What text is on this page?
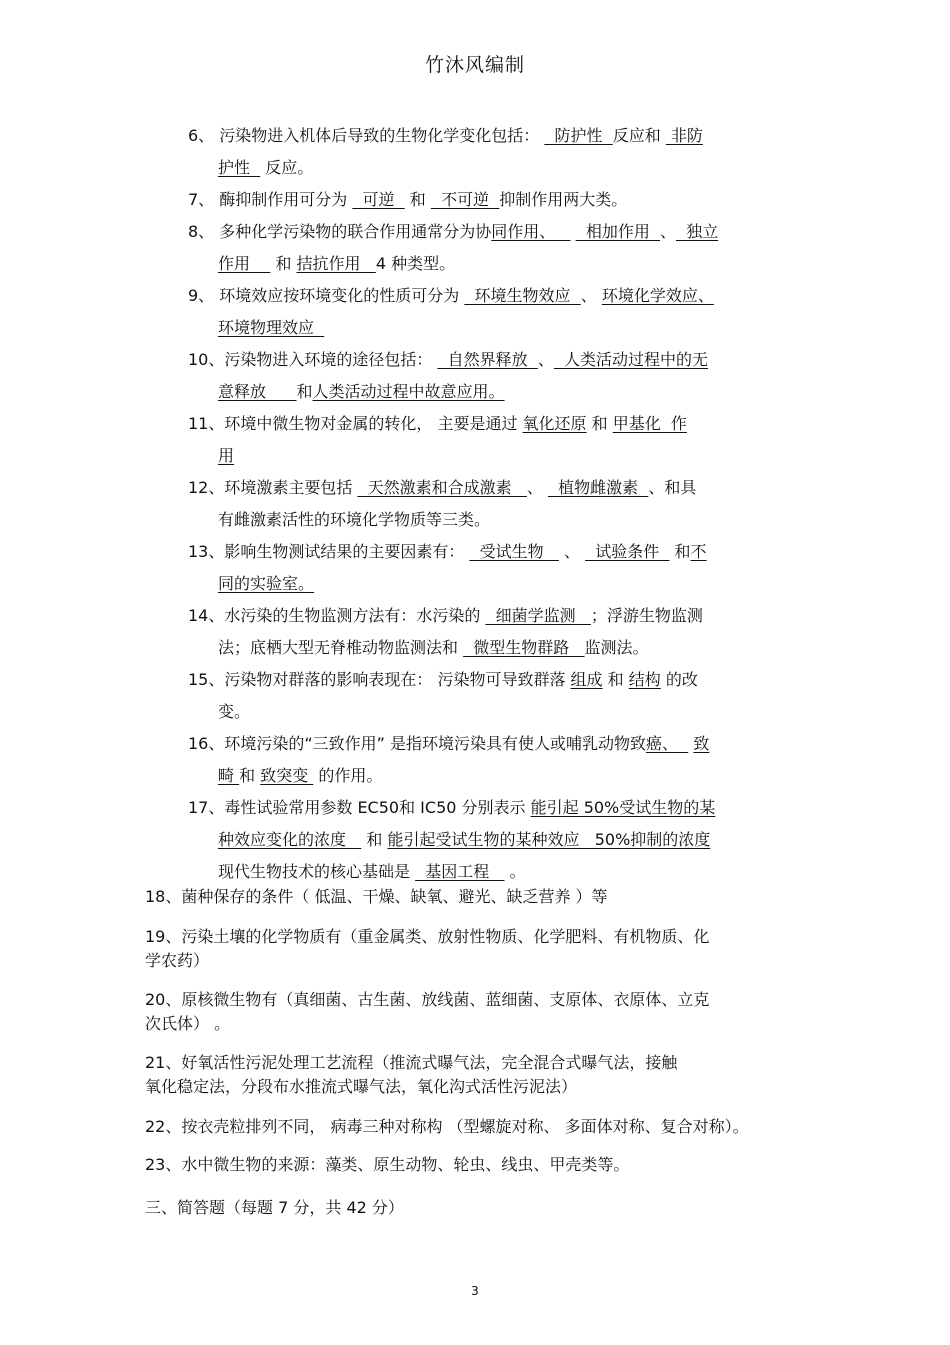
竹沐风编制
6、 污染物进入机体后导致的生物化学变化包括：   防护性  反应和  非防
护性   反应。
7、 酶抑制作用可分为   可逆   和   不可逆  抑制作用两大类。
8、 多种化学污染物的联合作用通常分为协同作用、      相加作用  、  独立
作用     和 拮抗作用   4 种类型。
9、 环境效应按环境变化的性质可分为   环境生物效应  、 环境化学效应、
环境物理效应
10、污染物进入环境的途径包括：   自然界释放  、  人类活动过程中的无
意释放      和人类活动过程中故意应用。
11、环境中微生物对金属的转化， 主要是通过 氧化还原 和 甲基化  作
用
12、环境激素主要包括   天然激素和合成激素   、   植物雌激素  、和具
有雌激素活性的环境化学物质等三类。
13、影响生物测试结果的主要因素有：   受试生物    、   试验条件   和不
同的实验室。
14、水污染的生物监测方法有：水污染的   细菌学监测   ；浮游生物监测
法；底栖大型无脊椎动物监测法和   微型生物群路   监测法。
15、污染物对群落的影响表现在： 污染物可导致群落 组成 和 结构 的改
变。
16、环境污染的“三致作用” 是指环境污染具有使人或哺乳动物致癌、   致
畸 和 致突变  的作用。
17、毒性试验常用参数 EC50和 IC50 分别表示 能引起 50%受试生物的某
种效应变化的浓度    和 能引起受试生物的某种效应   50%抑制的浓度
现代生物技术的核心基础是   基因工程    。
18、菌种保存的条件（ 低温、干燥、缺氧、避光、缺乏营养 ）等
19、污染土壤的化学物质有（重金属类、放射性物质、化学肥料、有机物质、化
学农药）
20、原核微生物有（真细菌、古生菌、放线菌、蓝细菌、支原体、衣原体、立克
次氏体） 。
21、好氧活性污泥处理工艺流程（推流式曝气法，完全混合式曝气法，接触
氧化稳定法，分段布水推流式曝气法，氧化沟式活性污泥法）
22、按衣壳粒排列不同， 病毒三种对称构 （型螺旋对称、 多面体对称、复合对称）。
23、水中微生物的来源：藻类、原生动物、轮虫、线虫、甲壳类等。
三、简答题（每题 7 分，共 42 分）
3
